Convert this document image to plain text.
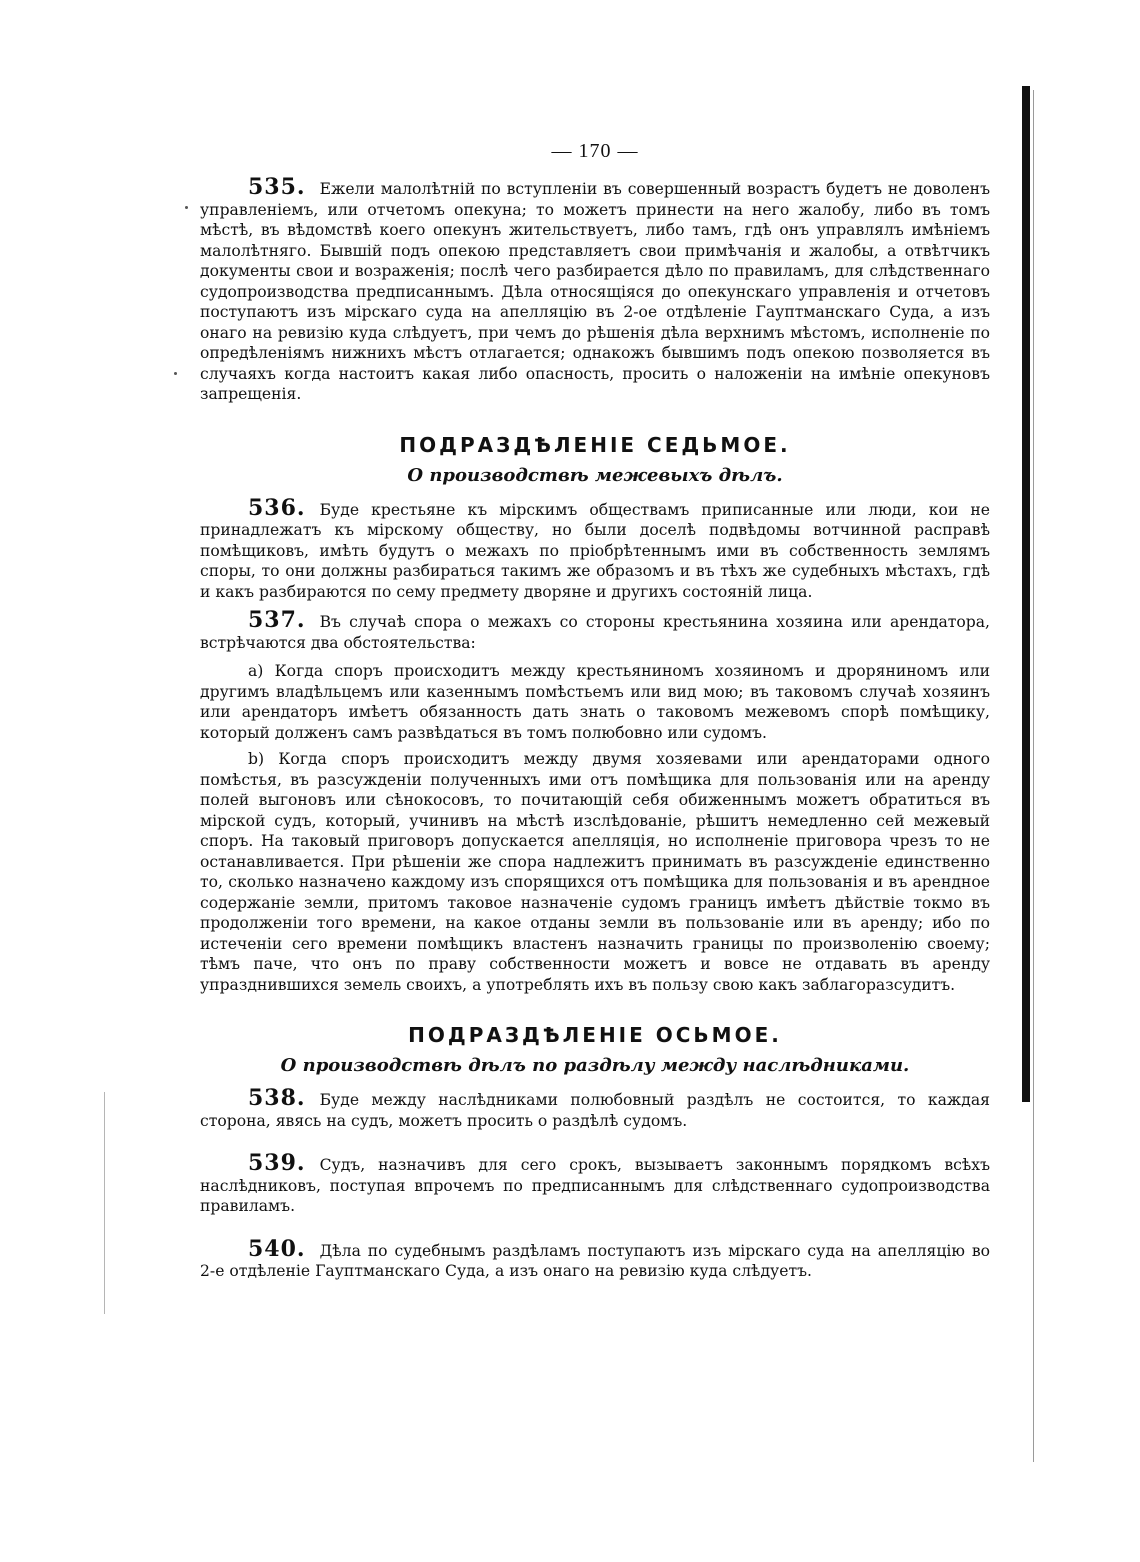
— 170 —

535. Ежели малолѣтній по вступленіи въ совершенный возрастъ будетъ не доволенъ управленіемъ, или отчетомъ опекуна; то можетъ принести на него жалобу, либо въ томъ мѣстѣ, въ вѣдомствѣ коего опекунъ жительствуетъ, либо тамъ, гдѣ онъ управлялъ имѣніемъ малолѣтняго. Бывшій подъ опекою представляетъ свои примѣчанія и жалобы, а отвѣтчикъ документы свои и возраженія; послѣ чего разбирается дѣло по правиламъ, для слѣдственнаго судопроизводства предписаннымъ. Дѣла относящіяся до опекунскаго управленія и отчетовъ поступаютъ изъ мірскаго суда на апелляцію въ 2-ое отдѣленіе Гауптманскаго Суда, а изъ онаго на ревизію куда слѣдуетъ, при чемъ до рѣшенія дѣла верхнимъ мѣстомъ, исполненіе по опредѣленіямъ нижнихъ мѣстъ отлагается; однакожъ бывшимъ подъ опекою позволяется въ случаяхъ когда настоитъ какая либо опасность, просить о наложеніи на имѣніе опекуновъ запрещенія.

ПОДРАЗДѢЛЕНІЕ СЕДЬМОЕ.
О производствѣ межевыхъ дѣлъ.

536. Буде крестьяне къ мірскимъ обществамъ приписанные или люди, кои не принадлежатъ къ мірскому обществу, но были доселѣ подвѣдомы вотчинной расправѣ помѣщиковъ, имѣть будутъ о межахъ по пріобрѣтеннымъ ими въ собственность землямъ споры, то они должны разбираться такимъ же образомъ и въ тѣхъ же судебныхъ мѣстахъ, гдѣ и какъ разбираются по сему предмету дворяне и другихъ состояній лица.

537. Въ случаѣ спора о межахъ со стороны крестьянина хозяина или арендатора, встрѣчаются два обстоятельства:

a) Когда споръ происходитъ между крестьяниномъ хозяиномъ и дроряниномъ или другимъ владѣльцемъ или казеннымъ помѣстьемъ или вид мою; въ таковомъ случаѣ хозяинъ или арендаторъ имѣетъ обязанность дать знать о таковомъ межевомъ спорѣ помѣщику, который долженъ самъ развѣдаться въ томъ полюбовно или судомъ.

b) Когда споръ происходитъ между двумя хозяевами или арендаторами одного помѣстья, въ разсужденіи полученныхъ ими отъ помѣщика для пользованія или на аренду полей выгоновъ или сѣнокосовъ, то почитающій себя обиженнымъ можетъ обратиться въ мірской судъ, который, учинивъ на мѣстѣ изслѣдованіе, рѣшитъ немедленно сей межевый споръ. На таковый приговоръ допускается апелляція, но исполненіе приговора чрезъ то не останавливается. При рѣшеніи же спора надлежитъ принимать въ разсужденіе единственно то, сколько назначено каждому изъ спорящихся отъ помѣщика для пользованія и въ арендное содержаніе земли, притомъ таковое назначеніе судомъ границъ имѣетъ дѣйствіе токмо въ продолженіи того времени, на какое отданы земли въ пользованіе или въ аренду; ибо по истеченіи сего времени помѣщикъ властенъ назначить границы по произволенію своему; тѣмъ паче, что онъ по праву собственности можетъ и вовсе не отдавать въ аренду упразднившихся земель своихъ, а употреблять ихъ въ пользу свою какъ заблагоразсудитъ.

ПОДРАЗДѢЛЕНІЕ ОСЬМОЕ.
О производствѣ дѣлъ по раздѣлу между наслѣдниками.

538. Буде между наслѣдниками полюбовный раздѣлъ не состоится, то каждая сторона, явясь на судъ, можетъ просить о раздѣлѣ судомъ.

539. Судъ, назначивъ для сего срокъ, вызываетъ законнымъ порядкомъ всѣхъ наслѣдниковъ, поступая впрочемъ по предписаннымъ для слѣдственнаго судопроизводства правиламъ.

540. Дѣла по судебнымъ раздѣламъ поступаютъ изъ мірскаго суда на апелляцію во 2-е отдѣленіе Гауптманскаго Суда, а изъ онаго на ревизію куда слѣдуетъ.
